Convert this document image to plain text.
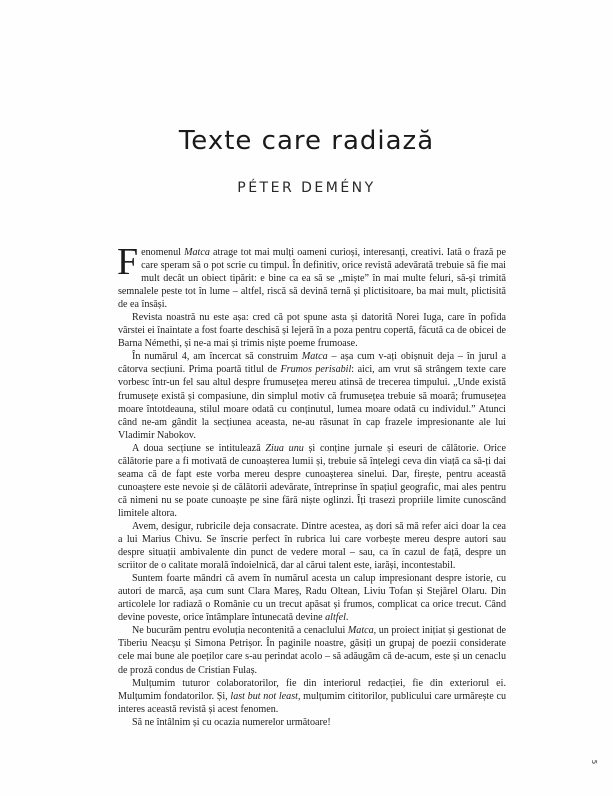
Texte care radiază
PÉTER DEMÉNY

Fenomenul Matca atrage tot mai mulți oameni curioși, interesanți, creativi. Iată o frază pe care speram să o pot scrie cu timpul. În definitiv, orice revistă adevărată trebuie să fie mai mult decât un obiect tipărit: e bine ca ea să se „miște” în mai multe feluri, să-și trimită semnalele peste tot în lume – altfel, riscă să devină ternă și plictisitoare, ba mai mult, plictisită de ea însăși.

Revista noastră nu este așa: cred că pot spune asta și datorită Norei Iuga, care în pofida vârstei ei înaintate a fost foarte deschisă și lejeră în a poza pentru copertă, făcută ca de obicei de Barna Némethi, și ne-a mai și trimis niște poeme frumoase.

În numărul 4, am încercat să construim Matca – așa cum v-ați obișnuit deja – în jurul a câtorva secțiuni. Prima poartă titlul de Frumos perisabil: aici, am vrut să strângem texte care vorbesc într-un fel sau altul despre frumusețea mereu atinsă de trecerea timpului. „Unde există frumusețe există și compasiune, din simplul motiv că frumusețea trebuie să moară; frumusețea moare întotdeauna, stilul moare odată cu conținutul, lumea moare odată cu individul.” Atunci când ne-am gândit la secțiunea aceasta, ne-au răsunat în cap frazele impresionante ale lui Vladimir Nabokov.

A doua secțiune se intitulează Ziua unu și conține jurnale și eseuri de călătorie. Orice călătorie pare a fi motivată de cunoașterea lumii și, trebuie să înțelegi ceva din viață ca să-ți dai seama că de fapt este vorba mereu despre cunoașterea sinelui. Dar, firește, pentru această cunoaștere este nevoie și de călătorii adevărate, întreprinse în spațiul geografic, mai ales pentru că nimeni nu se poate cunoaște pe sine fără niște oglinzi. Îți trasezi propriile limite cunoscând limitele altora.

Avem, desigur, rubricile deja consacrate. Dintre acestea, aș dori să mă refer aici doar la cea a lui Marius Chivu. Se înscrie perfect în rubrica lui care vorbește mereu despre autori sau despre situații ambivalente din punct de vedere moral – sau, ca în cazul de față, despre un scriitor de o calitate morală îndoielnică, dar al cărui talent este, iarăși, incontestabil.

Suntem foarte mândri că avem în numărul acesta un calup impresionant despre istorie, cu autori de marcă, așa cum sunt Clara Mareș, Radu Oltean, Liviu Tofan și Stejărel Olaru. Din articolele lor radiază o Românie cu un trecut apăsat și frumos, complicat ca orice trecut. Când devine poveste, orice întâmplare întunecată devine altfel.

Ne bucurăm pentru evoluția necontenită a cenaclului Matca, un proiect inițiat și gestionat de Tiberiu Neacșu și Simona Petrișor. În paginile noastre, găsiți un grupaj de poezii considerate cele mai bune ale poeților care s-au perindat acolo – să adăugăm că de-acum, este și un cenaclu de proză condus de Cristian Fulaș.

Mulțumim tuturor colaboratorilor, fie din interiorul redacției, fie din exteriorul ei. Mulțumim fondatorilor. Și, last but not least, mulțumim cititorilor, publicului care urmărește cu interes această revistă și acest fenomen.

Să ne întâlnim și cu ocazia numerelor următoare!

5
